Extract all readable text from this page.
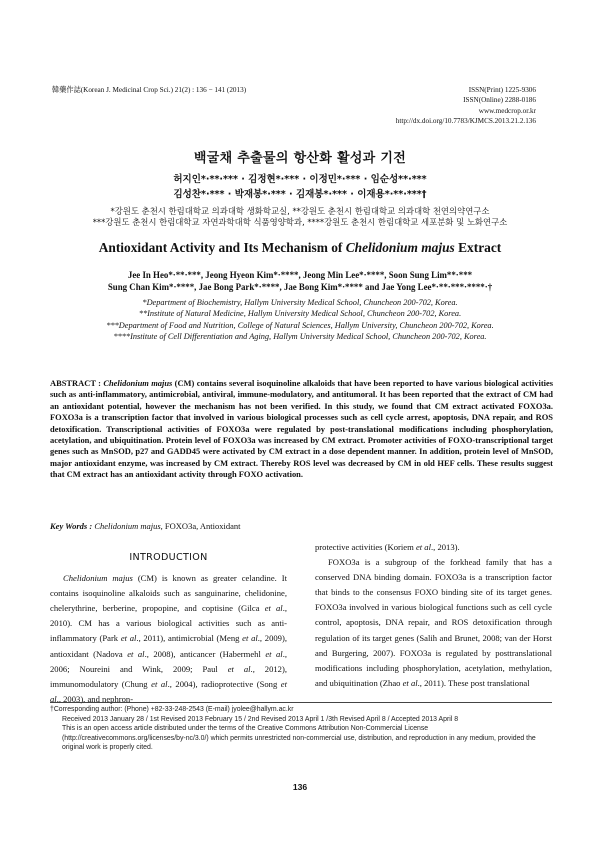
韓藥作誌(Korean J. Medicinal Crop Sci.) 21(2) : 136 − 141 (2013)	ISSN(Print) 1225-9306
ISSN(Online) 2288-0186
www.medcrop.or.kr
http://dx.doi.org/10.7783/KJMCS.2013.21.2.136
백굴채 추출물의 항산화 활성과 기전
허지인*·**·*** · 김정현*·*** · 이정민*·*** · 임순성**·***
김성찬*·*** · 박재봉*·*** · 김재봉*·*** · 이재용*·**·***†
*강원도 춘천시 한림대학교 의과대학 생화학교실, **강원도 춘천시 한림대학교 의과대학 천연의약연구소
***강원도 춘천시 한림대학교 자연과학대학 식품영양학과, ****강원도 춘천시 한림대학교 세포분화 및 노화연구소
Antioxidant Activity and Its Mechanism of Chelidonium majus Extract
Jee In Heo*·**·***, Jeong Hyeon Kim*·****, Jeong Min Lee*·****, Soon Sung Lim**·***
Sung Chan Kim*·****, Jae Bong Park*·****, Jae Bong Kim*·**** and Jae Yong Lee*·**·***·****·†
*Department of Biochemistry, Hallym University Medical School, Chuncheon 200-702, Korea.
**Institute of Natural Medicine, Hallym University Medical School, Chuncheon 200-702, Korea.
***Department of Food and Nutrition, College of Natural Sciences, Hallym University, Chuncheon 200-702, Korea.
****Institute of Cell Differentiation and Aging, Hallym University Medical School, Chuncheon 200-702, Korea.
ABSTRACT : Chelidonium majus (CM) contains several isoquinoline alkaloids that have been reported to have various biological activities such as anti-inflammatory, antimicrobial, antiviral, immune-modulatory, and antitumoral. It has been reported that the extract of CM had an antioxidant potential, however the mechanism has not been verified. In this study, we found that CM extract activated FOXO3a. FOXO3a is a transcription factor that involved in various biological processes such as cell cycle arrest, apoptosis, DNA repair, and ROS detoxification. Transcriptional activities of FOXO3a were regulated by post-translational modifications including phosphorylation, acetylation, and ubiquitination. Protein level of FOXO3a was increased by CM extract. Promoter activities of FOXO-transcriptional target genes such as MnSOD, p27 and GADD45 were activated by CM extract in a dose dependent manner. In addition, protein level of MnSOD, major antioxidant enzyme, was increased by CM extract. Thereby ROS level was decreased by CM in old HEF cells. These results suggest that CM extract has an antioxidant activity through FOXO activation.
Key Words : Chelidonium majus, FOXO3a, Antioxidant
INTRODUCTION

Chelidonium majus (CM) is known as greater celandine. It contains isoquinoline alkaloids such as sanguinarine, chelidonine, chelerythrine, berberine, propopine, and coptisine (Gilca et al., 2010). CM has a various biological activities such as anti-inflammatory (Park et al., 2011), antimicrobial (Meng et al., 2009), antioxidant (Nadova et al., 2008), anticancer (Habermehl et al., 2006; Noureini and Wink, 2009; Paul et al., 2012), immunomodulatory (Chung et al., 2004), radioprotective (Song et al., 2003), and nephron-

protective activities (Koriem et al., 2013).

FOXO3a is a subgroup of the forkhead family that has a conserved DNA binding domain. FOXO3a is a transcription factor that binds to the consensus FOXO binding site of its target genes. FOXO3a involved in various biological functions such as cell cycle control, apoptosis, DNA repair, and ROS detoxification through regulation of its target genes (Salih and Brunet, 2008; van der Horst and Burgering, 2007). FOXO3a is regulated by posttranslational modifications including phosphorylation, acetylation, methylation, and ubiquitination (Zhao et al., 2011). These post translational

†Corresponding author: (Phone) +82-33-248-2543 (E-mail) jyolee@hallym.ac.kr
Received 2013 January 28 / 1st Revised 2013 February 15 / 2nd Revised 2013 April 1 /3th Revised April 8 / Accepted 2013 April 8
This is an open access article distributed under the terms of the Creative Commons Attribution Non-Commercial License (http://creativecommons.org/licenses/by-nc/3.0/) which permits unrestricted non-commercial use, distribution, and reproduction in any medium, provided the original work is properly cited.
136
